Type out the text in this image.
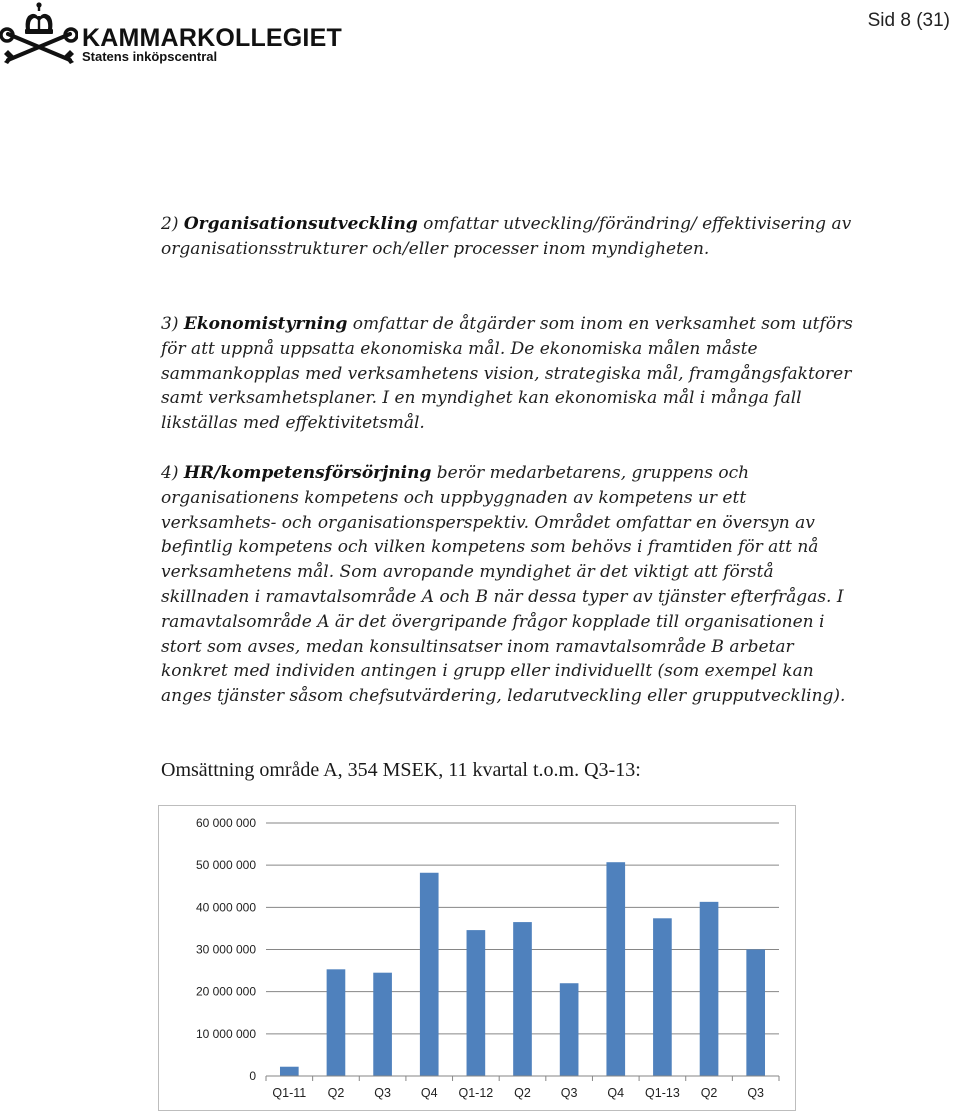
KAMMARKOLLEGIET
Statens inköpscentral
Sid 8 (31)

2) Organisationsutveckling omfattar utveckling/förändring/ effektivisering av organisationsstrukturer och/eller processer inom myndigheten.

3) Ekonomistyrning omfattar de åtgärder som inom en verksamhet som utförs för att uppnå uppsatta ekonomiska mål. De ekonomiska målen måste sammankopplas med verksamhetens vision, strategiska mål, framgångsfaktorer samt verksamhetsplaner. I en myndighet kan ekonomiska mål i många fall likställas med effektivitetsmål.

4) HR/kompetensförsörjning berör medarbetarens, gruppens och organisationens kompetens och uppbyggnaden av kompetens ur ett verksamhets- och organisationsperspektiv. Området omfattar en översyn av befintlig kompetens och vilken kompetens som behövs i framtiden för att nå verksamhetens mål. Som avropande myndighet är det viktigt att förstå skillnaden i ramavtalsområde A och B när dessa typer av tjänster efterfrågas. I ramavtalsområde A är det övergripande frågor kopplade till organisationen i stort som avses, medan konsultinsatser inom ramavtalsområde B arbetar konkret med individen antingen i grupp eller individuellt (som exempel kan anges tjänster såsom chefsutvärdering, ledarutveckling eller grupputveckling).

Omsättning område A, 354 MSEK, 11 kvartal t.o.m. Q3-13:
0
10 000 000
20 000 000
30 000 000
40 000 000
50 000 000
60 000 000
Q1-11 Q2 Q3 Q4 Q1-12 Q2 Q3 Q4 Q1-13 Q2 Q3
